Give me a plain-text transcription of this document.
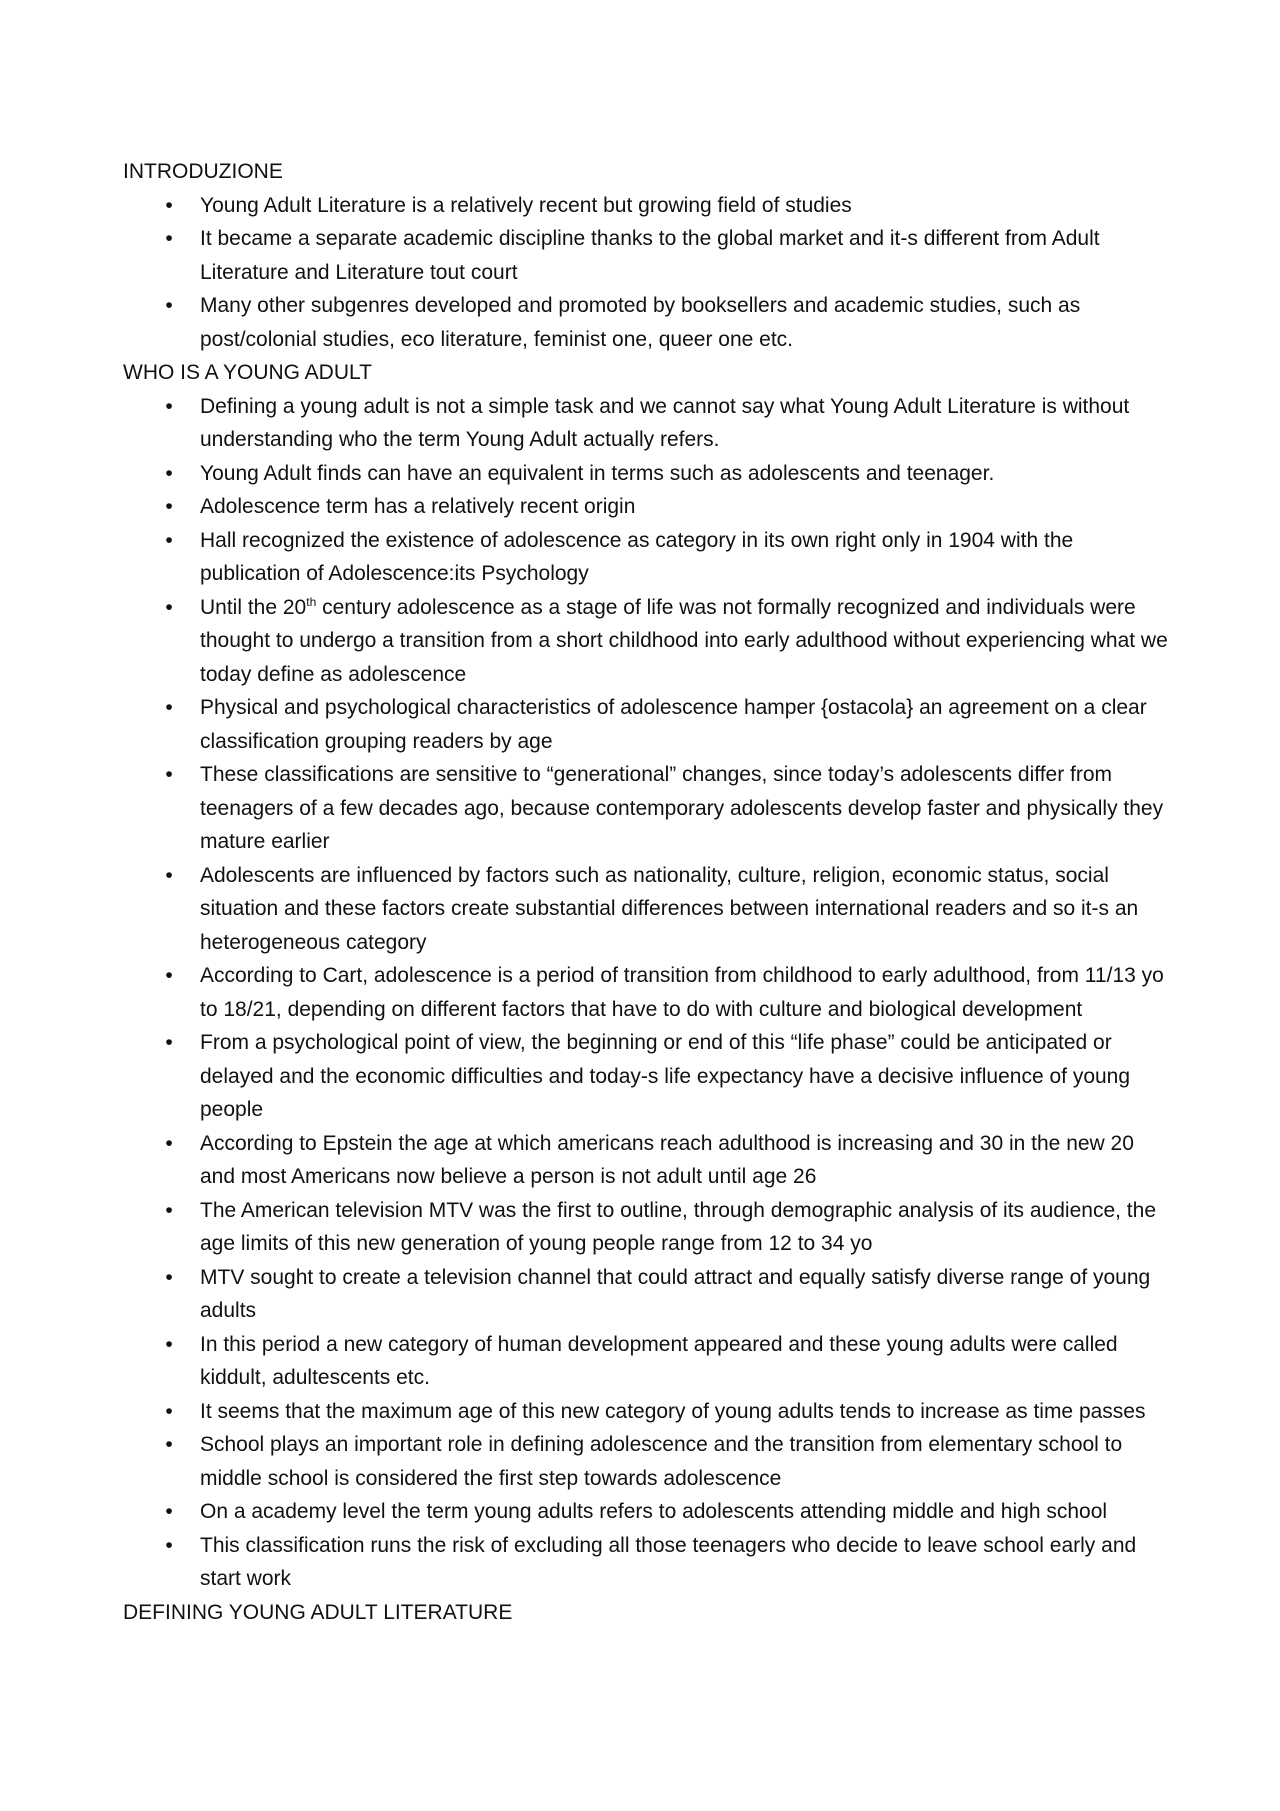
INTRODUZIONE
•	Young Adult Literature is a relatively recent but growing field of studies
•	It became a separate academic discipline thanks to the global market and it-s different from Adult Literature and Literature tout court
•	Many other subgenres developed and promoted by booksellers and academic studies, such as post/colonial studies, eco literature, feminist one, queer one etc.
WHO IS A YOUNG ADULT
•	Defining a young adult is not a simple task and we cannot say what Young Adult Literature is without understanding who the term Young Adult actually refers.
•	Young Adult finds can have an equivalent in terms such as adolescents and teenager.
•	Adolescence term has a relatively recent origin
•	Hall recognized the existence of adolescence as category in its own right only in 1904 with the publication of Adolescence:its Psychology
•	Until the 20th century adolescence as a stage of life was not formally recognized and individuals were thought to undergo a transition from a short childhood into early adulthood without experiencing what we today define as adolescence
•	Physical and psychological characteristics of adolescence hamper {ostacola} an agreement on a clear classification grouping readers by age
•	These classifications are sensitive to “generational” changes, since today’s adolescents differ from teenagers of a few decades ago, because contemporary adolescents develop faster and physically they mature earlier
•	Adolescents are influenced by factors such as nationality, culture, religion, economic status, social situation and these factors create substantial differences between international readers and so it-s an heterogeneous category
•	According to Cart, adolescence is a period of transition from childhood to early adulthood, from 11/13 yo to 18/21, depending on different factors that have to do with culture and biological development
•	From a psychological point of view, the beginning or end of this “life phase” could be anticipated or delayed and the economic difficulties and today-s life expectancy have a decisive influence of young people
•	According to Epstein the age at which americans reach adulthood is increasing and 30 in the new 20 and most Americans now believe a person is not adult until age 26
•	The American television MTV was the first to outline, through demographic analysis of its audience, the age limits of this new generation of young people range from 12 to 34 yo
•	MTV sought to create a television channel that could attract and equally satisfy diverse range of young adults
•	In this period a new category of human development appeared and these young adults were called kiddult, adultescents etc.
•	It seems that the maximum age of this new category of young adults tends to increase as time passes
•	School plays an important role in defining adolescence and the transition from elementary school to middle school is considered the first step towards adolescence
•	On a academy level the term young adults refers to adolescents attending middle and high school
•	This classification runs the risk of excluding all those teenagers who decide to leave school early and start work
DEFINING YOUNG ADULT LITERATURE
